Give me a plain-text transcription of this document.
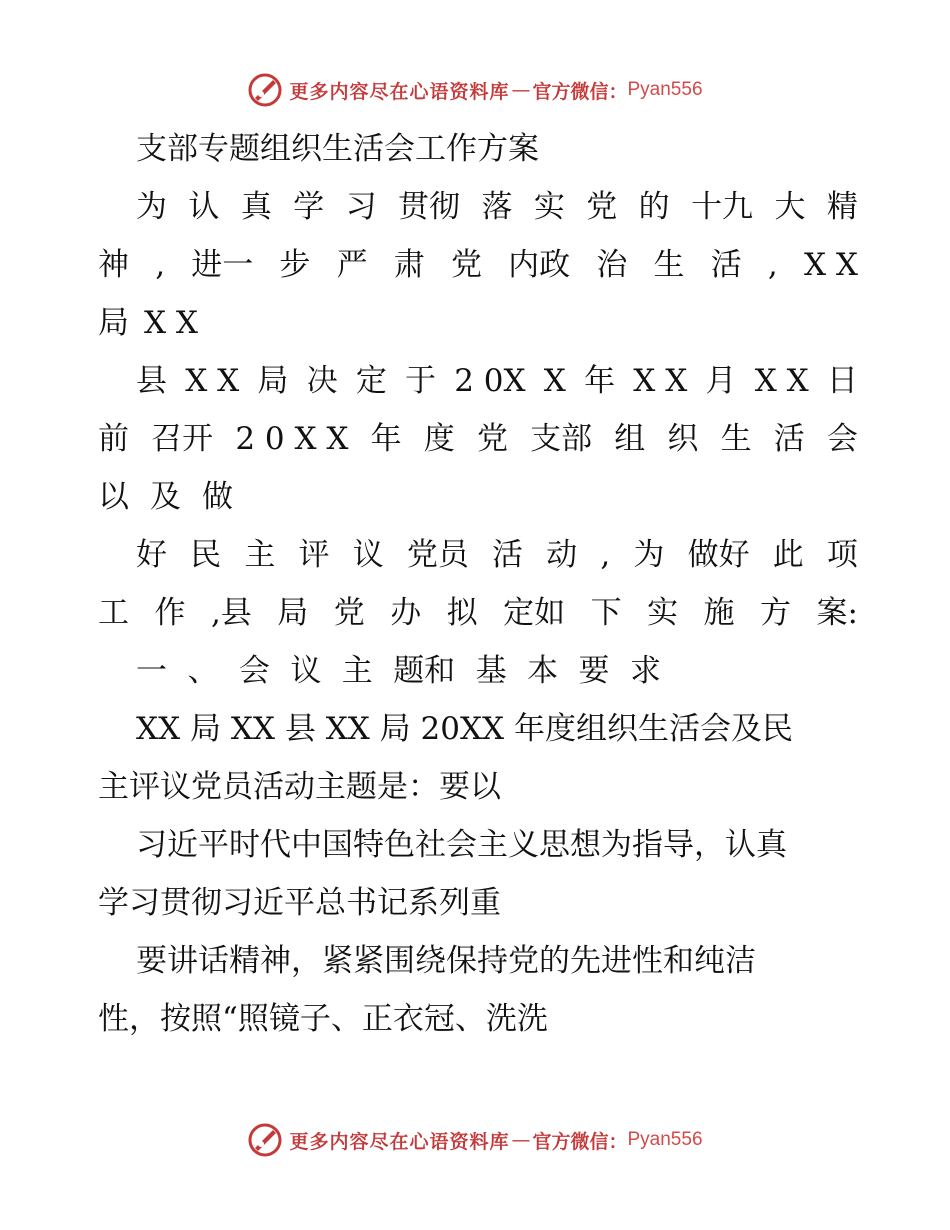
更多内容尽在心语资料库 — 官方微信： Pyan556
支部专题组织生活会工作方案
为 认 真 学 习 贯彻 落 实 党 的 十九 大 精
神 , 进一 步 严 肃 党 内政 治 生 活 , X X
局 X X
县 X X 局 决 定 于 2 0X X 年 X X 月 X X 日
前 召开 2 0 X X 年 度 党 支部 组 织 生 活 会
以 及 做
好 民 主 评 议 党员 活 动 , 为 做好 此 项
工 作 ,县 局 党 办 拟 定如 下 实 施 方 案:
一 、 会 议 主 题和 基 本 要 求
XX 局 XX 县 XX 局 20XX 年度组织生活会及民
主评议党员活动主题是：要以
习近平时代中国特色社会主义思想为指导，认真
学习贯彻习近平总书记系列重
要讲话精神，紧紧围绕保持党的先进性和纯洁
性，按照“照镜子、正衣冠、洗洗
更多内容尽在心语资料库 — 官方微信： Pyan556
